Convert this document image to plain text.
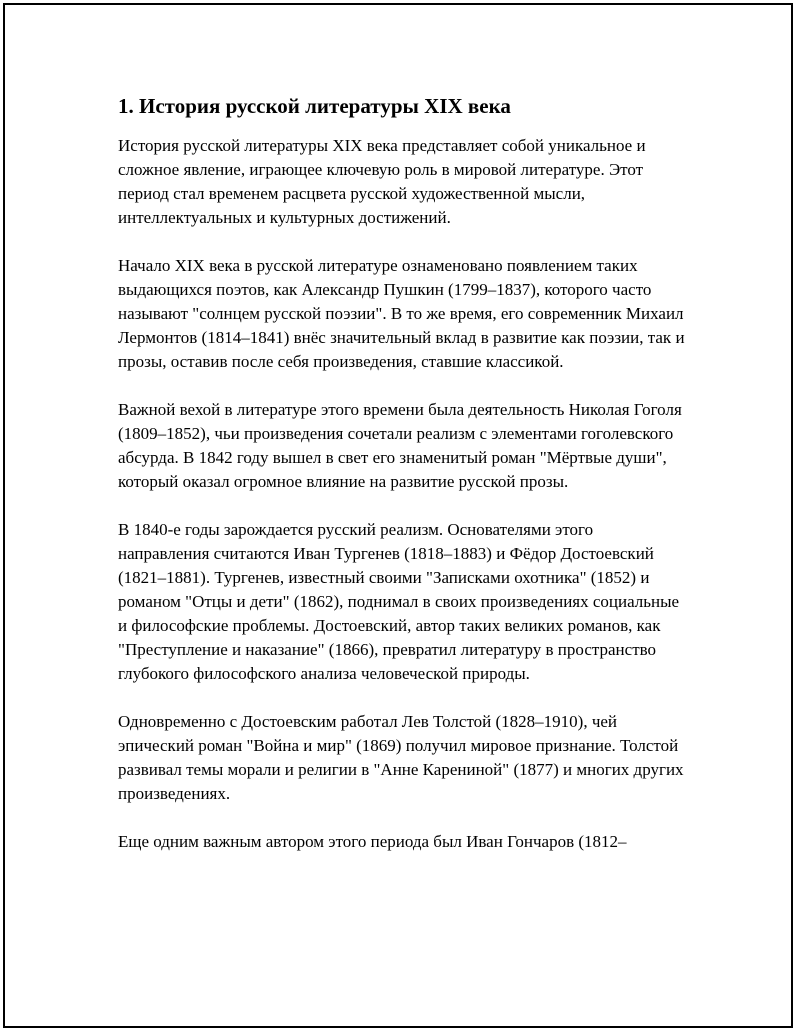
1. История русской литературы XIX века

История русской литературы XIX века представляет собой уникальное и сложное явление, играющее ключевую роль в мировой литературе. Этот период стал временем расцвета русской художественной мысли, интеллектуальных и культурных достижений.

Начало XIX века в русской литературе ознаменовано появлением таких выдающихся поэтов, как Александр Пушкин (1799–1837), которого часто называют "солнцем русской поэзии". В то же время, его современник Михаил Лермонтов (1814–1841) внёс значительный вклад в развитие как поэзии, так и прозы, оставив после себя произведения, ставшие классикой.

Важной вехой в литературе этого времени была деятельность Николая Гоголя (1809–1852), чьи произведения сочетали реализм с элементами гоголевского абсурда. В 1842 году вышел в свет его знаменитый роман "Мёртвые души", который оказал огромное влияние на развитие русской прозы.

В 1840-е годы зарождается русский реализм. Основателями этого направления считаются Иван Тургенев (1818–1883) и Фёдор Достоевский (1821–1881). Тургенев, известный своими "Записками охотника" (1852) и романом "Отцы и дети" (1862), поднимал в своих произведениях социальные и философские проблемы. Достоевский, автор таких великих романов, как "Преступление и наказание" (1866), превратил литературу в пространство глубокого философского анализа человеческой природы.

Одновременно с Достоевским работал Лев Толстой (1828–1910), чей эпический роман "Война и мир" (1869) получил мировое признание. Толстой развивал темы морали и религии в "Анне Карениной" (1877) и многих других произведениях.

Еще одним важным автором этого периода был Иван Гончаров (1812–
